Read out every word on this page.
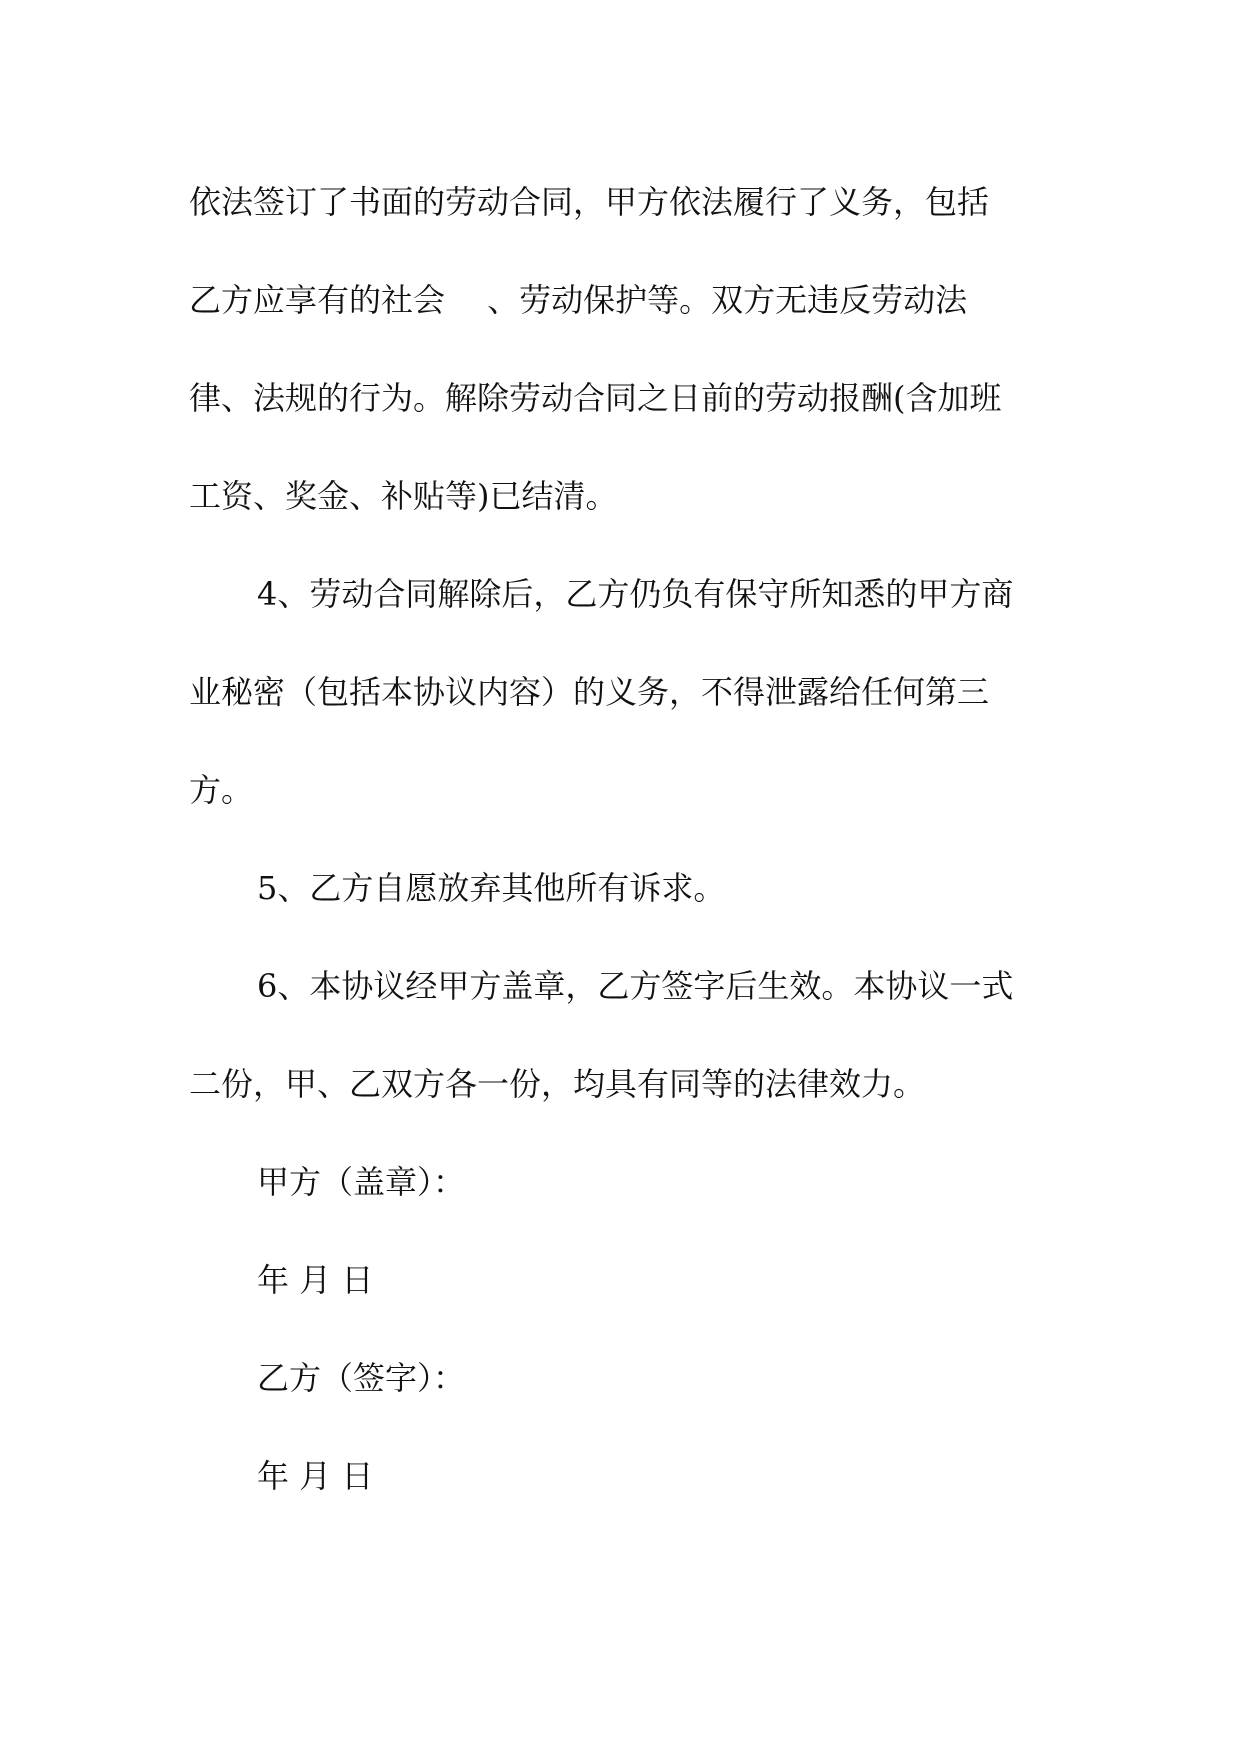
依法签订了书面的劳动合同，甲方依法履行了义务，包括
乙方应享有的社会　 、劳动保护等。双方无违反劳动法
律、法规的行为。解除劳动合同之日前的劳动报酬(含加班
工资、奖金、补贴等)已结清。
4、劳动合同解除后，乙方仍负有保守所知悉的甲方商
业秘密（包括本协议内容）的义务，不得泄露给任何第三
方。
5、乙方自愿放弃其他所有诉求。
6、本协议经甲方盖章，乙方签字后生效。本协议一式
二份，甲、乙双方各一份，均具有同等的法律效力。
甲方（盖章）：
年 月 日
乙方（签字）：
年 月 日
